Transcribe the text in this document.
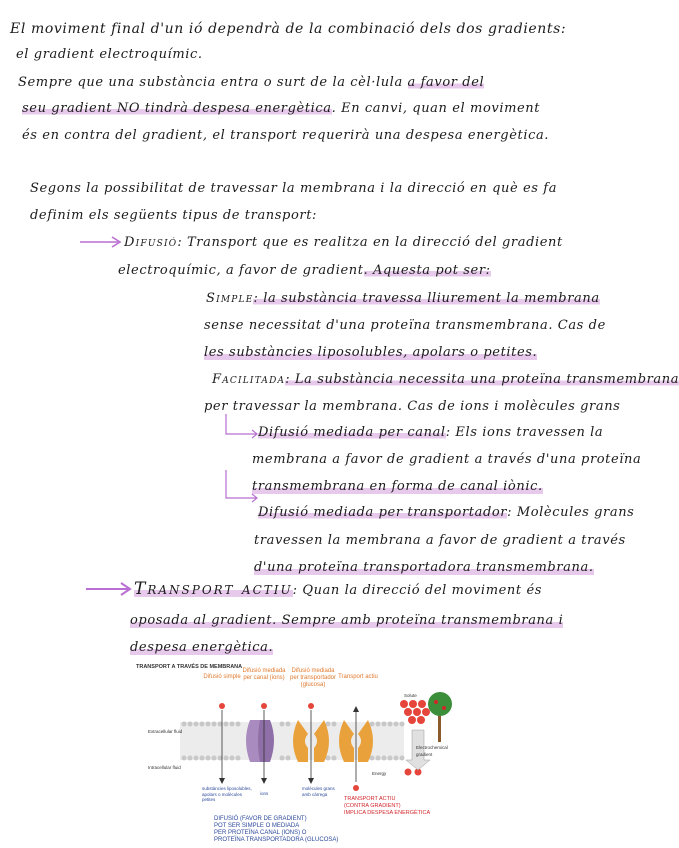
El moviment final d'un ió dependrà de la combinació dels dos gradients:
el gradient electroquímic.
Sempre que una substància entra o surt de la cèl·lula a favor del
seu gradient NO tindrà despesa energètica. En canvi, quan el moviment
és en contra del gradient, el transport requerirà una despesa energètica.
Segons la possibilitat de travessar la membrana i la direcció en què es fa
definim els següents tipus de transport:
Difusió: Transport que es realitza en la direcció del gradient
electroquímic, a favor de gradient. Aquesta pot ser:
Simple: la substància travessa lliurement la membrana
sense necessitat d'una proteïna transmembrana. Cas de
les substàncies liposolubles, apolars o petites.
Facilitada: La substància necessita una proteïna transmembrana
per travessar la membrana. Cas de ions i molècules grans
Difusió mediada per canal: Els ions travessen la
membrana a favor de gradient a través d'una proteïna
transmembrana en forma de canal iònic.
Difusió mediada per transportador: Molècules grans
travessen la membrana a favor de gradient a través
d'una proteïna transportadora transmembrana.
Transport actiu: Quan la direcció del moviment és
oposada al gradient. Sempre amb proteïna transmembrana i
despesa energètica.
TRANSPORT A TRAVÉS DE MEMBRANA
Difusió simple
Difusió mediada per canal (ions)
Difusió mediada per transportador (glucosa)
Transport actiu
Extracellular fluid
Intracellular fluid
Solute
Electrochemical gradient
Energy
substàncies liposolubles, apolars o molècules petites
ions
molècules grans amb càrrega
TRANSPORT ACTIU
(CONTRA GRADIENT)
IMPLICA DESPESA ENERGÈTICA
DIFUSIÓ (FAVOR DE GRADIENT)
POT SER SIMPLE O MEDIADA
PER PROTEÏNA CANAL (IONS) O
PROTEÏNA TRANSPORTADORA (GLUCOSA)
